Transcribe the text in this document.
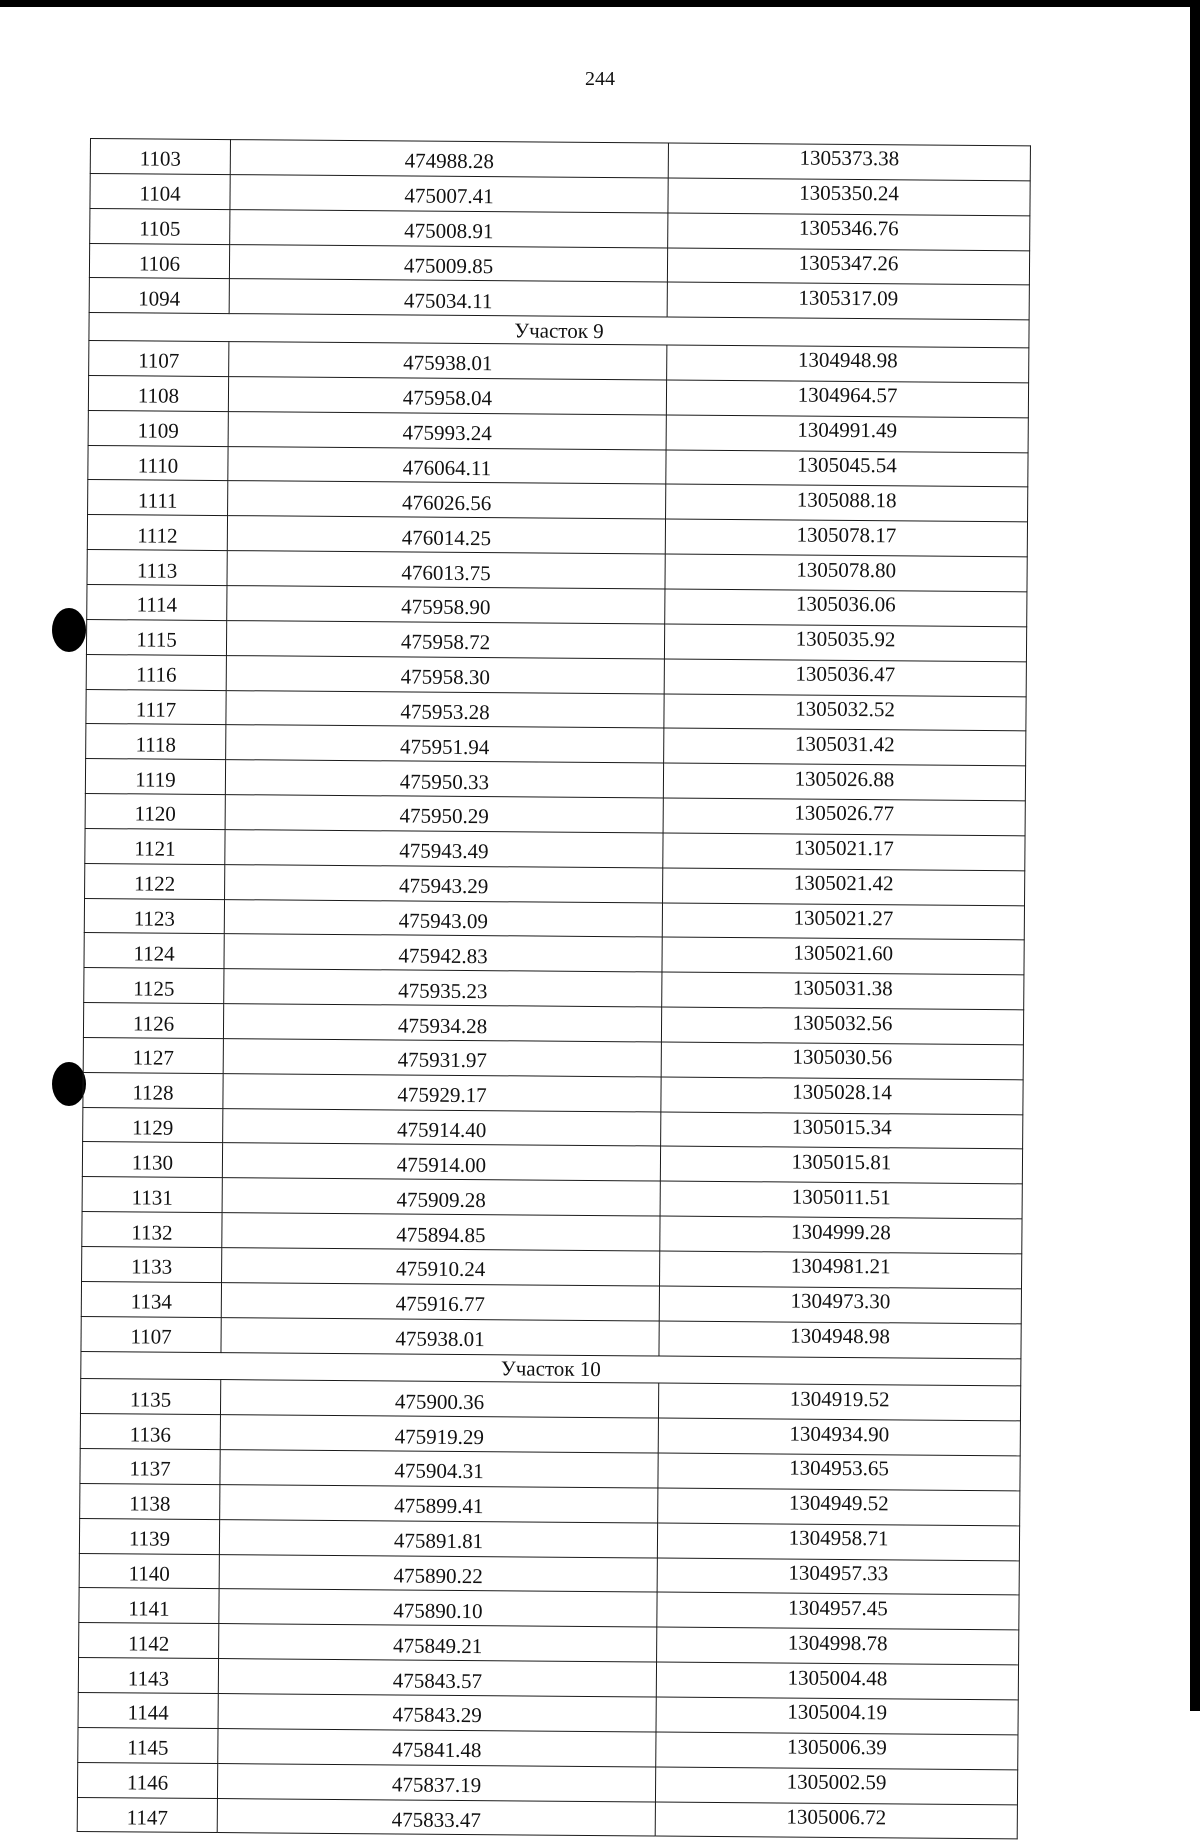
244
1103	474988.28	1305373.38
1104	475007.41	1305350.24
1105	475008.91	1305346.76
1106	475009.85	1305347.26
1094	475034.11	1305317.09
Участок 9		
1107	475938.01	1304948.98
1108	475958.04	1304964.57
1109	475993.24	1304991.49
1110	476064.11	1305045.54
1111	476026.56	1305088.18
1112	476014.25	1305078.17
1113	476013.75	1305078.80
1114	475958.90	1305036.06
1115	475958.72	1305035.92
1116	475958.30	1305036.47
1117	475953.28	1305032.52
1118	475951.94	1305031.42
1119	475950.33	1305026.88
1120	475950.29	1305026.77
1121	475943.49	1305021.17
1122	475943.29	1305021.42
1123	475943.09	1305021.27
1124	475942.83	1305021.60
1125	475935.23	1305031.38
1126	475934.28	1305032.56
1127	475931.97	1305030.56
1128	475929.17	1305028.14
1129	475914.40	1305015.34
1130	475914.00	1305015.81
1131	475909.28	1305011.51
1132	475894.85	1304999.28
1133	475910.24	1304981.21
1134	475916.77	1304973.30
1107	475938.01	1304948.98
Участок 10		
1135	475900.36	1304919.52
1136	475919.29	1304934.90
1137	475904.31	1304953.65
1138	475899.41	1304949.52
1139	475891.81	1304958.71
1140	475890.22	1304957.33
1141	475890.10	1304957.45
1142	475849.21	1304998.78
1143	475843.57	1305004.48
1144	475843.29	1305004.19
1145	475841.48	1305006.39
1146	475837.19	1305002.59
1147	475833.47	1305006.72
